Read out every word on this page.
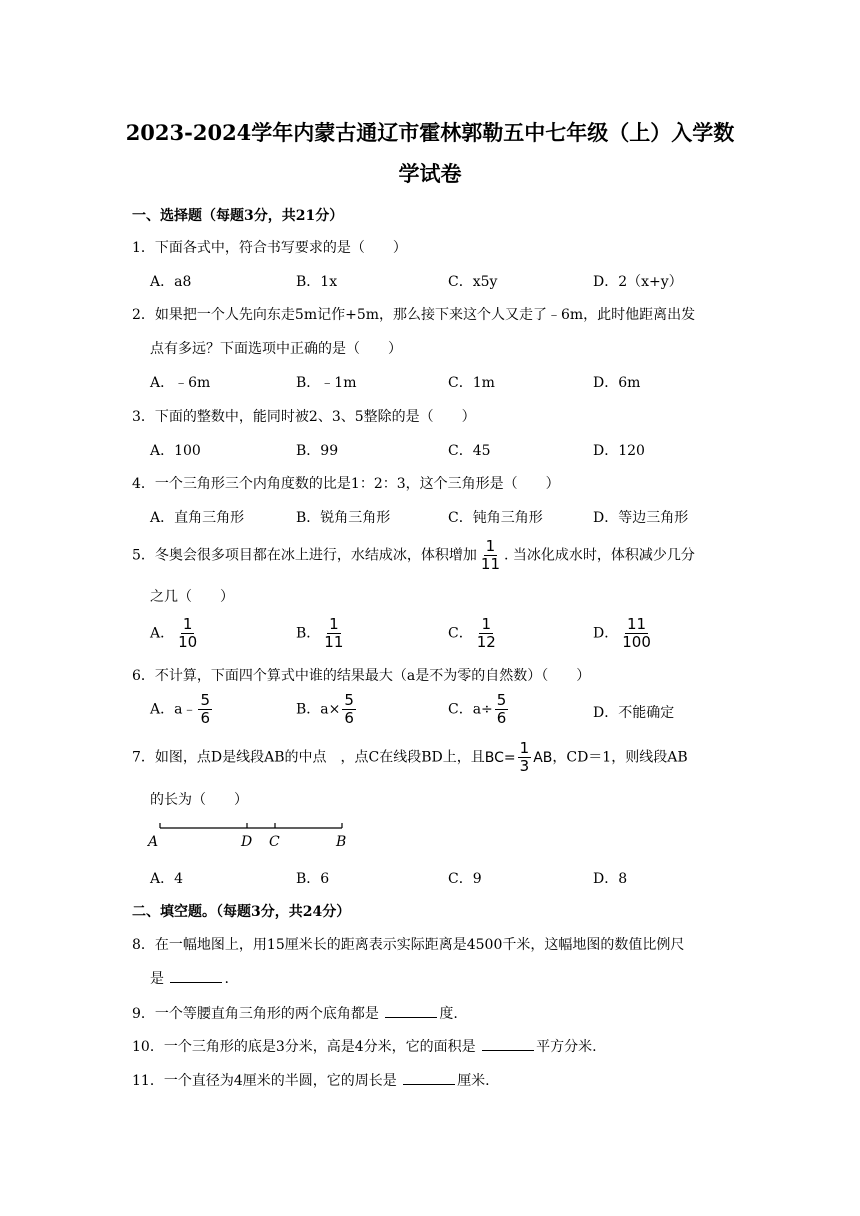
2023-2024学年内蒙古通辽市霍林郭勒五中七年级（上）入学数
学试卷
一、选择题（每题3分，共21分）
1．下面各式中，符合书写要求的是（　　）
A．a8	B．1x	C．x5y	D．2（x+y）
2．如果把一个人先向东走5m记作+5m，那么接下来这个人又走了﹣6m，此时他距离出发
点有多远？下面选项中正确的是（　　）
A．﹣6m	B．﹣1m	C．1m	D．6m
3．下面的整数中，能同时被2、3、5整除的是（　　）
A．100	B．99	C．45	D．120
4．一个三角形三个内角度数的比是1：2：3，这个三角形是（　　）
A．直角三角形	B．锐角三角形	C．钝角三角形	D．等边三角形
5．冬奥会很多项目都在冰上进行，水结成冰，体积增加 $\frac{1}{11}$ . 当冰化成水时，体积减少几分
之几（　　）
A． $\frac{1}{10}$	B． $\frac{1}{11}$	C． $\frac{1}{12}$	D． $\frac{11}{100}$
6．不计算，下面四个算式中谁的结果最大（a是不为零的自然数）（　　）
A．a﹣ $\frac{5}{6}$	B．$a\times \frac{5}{6}$	C．$a\div \frac{5}{6}$	D．不能确定
7．如图，点D是线段AB的中点　，点C在线段BD上，且$BC= \frac{1}{3}$ AB，CD＝1，则线段AB
的长为（　　）
A	D C	B
A．4	B．6	C．9	D．8
二、填空题。（每题3分，共24分）
8．在一幅地图上，用15厘米长的距离表示实际距离是4500千米，这幅地图的数值比例尺
是	.
9．一个等腰直角三角形的两个底角都是	度.
10．一个三角形的底是3分米，高是4分米，它的面积是	平方分米.
11．一个直径为4厘米的半圆，它的周长是	厘米.
